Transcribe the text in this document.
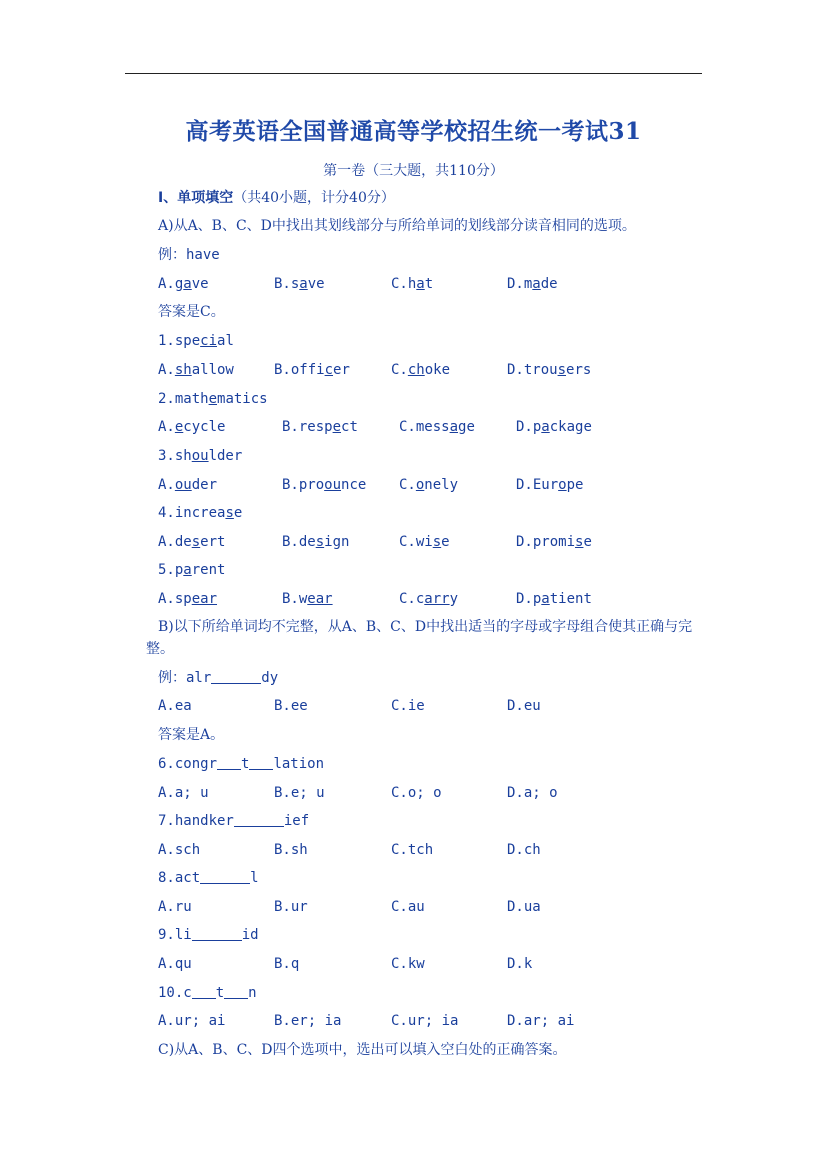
高考英语全国普通高等学校招生统一考试31
第一卷（三大题，共110分）
I、单项填空（共40小题，计分40分）
A)从A、B、C、D中找出其划线部分与所给单词的划线部分读音相同的选项。
例：have
A.gave	B.save	C.hat	D.made
答案是C。
1.special
A.shallow	B.officer	C.choke	D.trousers
2.mathematics
A.ecycle	B.respect	C.message	D.package
3.shoulder
A.ouder	B.proounce C.onely	D.Europe
4.increase
A.desert	B.design	C.wise	D.promise
5.parent
A.spear	B.wear	C.carry	D.patient
B)以下所给单词均不完整，从A、B、C、D中找出适当的字母或字母组合使其正确与完整。
例：alr	dy
A.ea	B.ee	C.ie	D.eu
答案是A。
6.congr t lation
A.a; u	B.e; u	C.o; o	D.a; o
7.handker	ief
A.sch	B.sh	C.tch	D.ch
8.act	l
A.ru	B.ur	C.au	D.ua
9.li	id
A.qu	B.q	C.kw	D.k
10.c t n
A.ur; ai	B.er; ia	C.ur; ia	D.ar; ai
C)从A、B、C、D四个选项中，选出可以填入空白处的正确答案。
